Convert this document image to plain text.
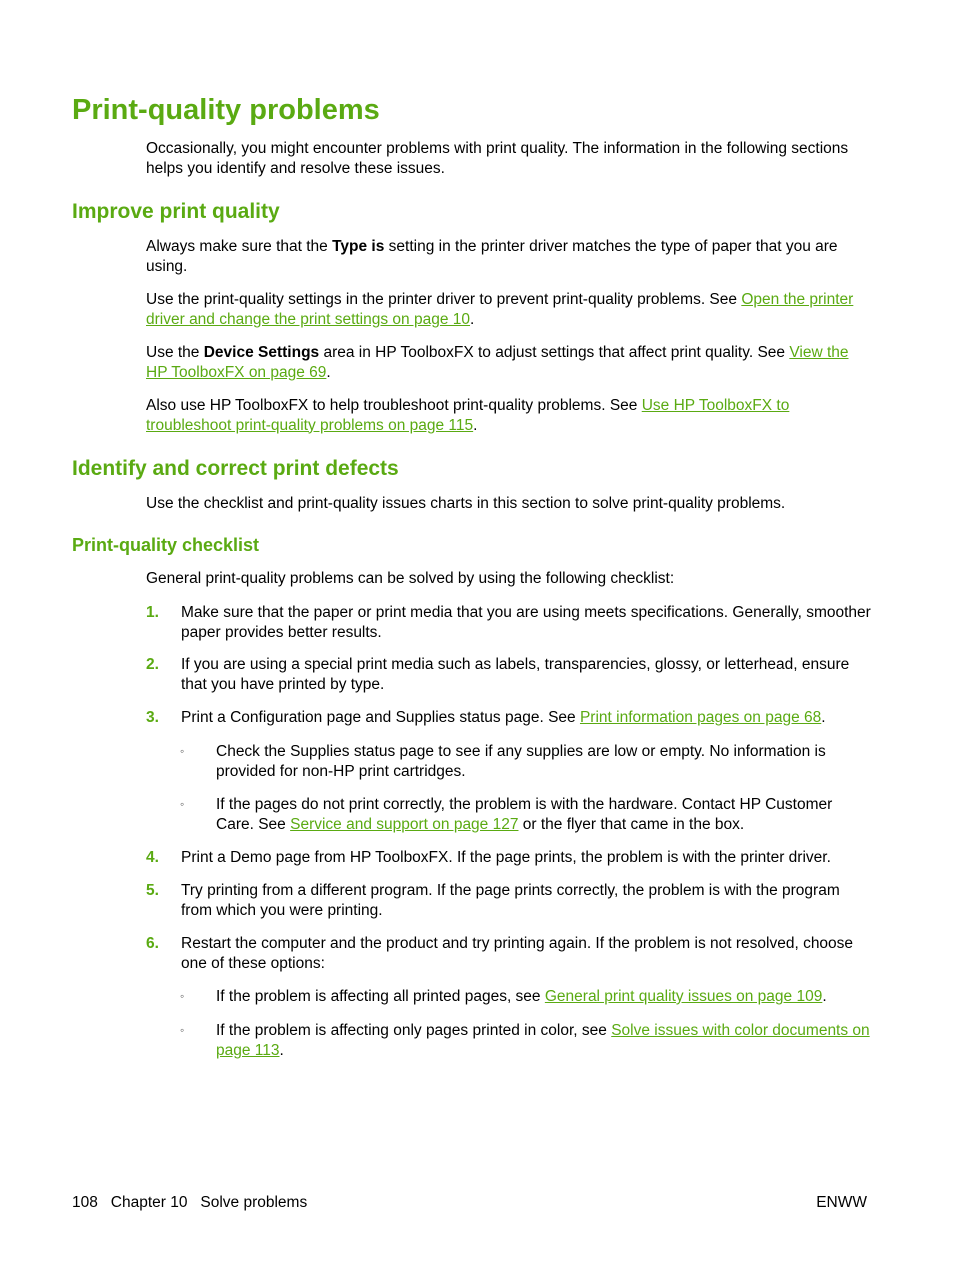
Print-quality problems

Occasionally, you might encounter problems with print quality. The information in the following sections helps you identify and resolve these issues.

Improve print quality

Always make sure that the Type is setting in the printer driver matches the type of paper that you are using.

Use the print-quality settings in the printer driver to prevent print-quality problems. See Open the printer driver and change the print settings on page 10.

Use the Device Settings area in HP ToolboxFX to adjust settings that affect print quality. See View the HP ToolboxFX on page 69.

Also use HP ToolboxFX to help troubleshoot print-quality problems. See Use HP ToolboxFX to troubleshoot print-quality problems on page 115.

Identify and correct print defects

Use the checklist and print-quality issues charts in this section to solve print-quality problems.

Print-quality checklist

General print-quality problems can be solved by using the following checklist:

1. Make sure that the paper or print media that you are using meets specifications. Generally, smoother paper provides better results.
2. If you are using a special print media such as labels, transparencies, glossy, or letterhead, ensure that you have printed by type.
3. Print a Configuration page and Supplies status page. See Print information pages on page 68.
◦ Check the Supplies status page to see if any supplies are low or empty. No information is provided for non-HP print cartridges.
◦ If the pages do not print correctly, the problem is with the hardware. Contact HP Customer Care. See Service and support on page 127 or the flyer that came in the box.
4. Print a Demo page from HP ToolboxFX. If the page prints, the problem is with the printer driver.
5. Try printing from a different program. If the page prints correctly, the problem is with the program from which you were printing.
6. Restart the computer and the product and try printing again. If the problem is not resolved, choose one of these options:
◦ If the problem is affecting all printed pages, see General print quality issues on page 109.
◦ If the problem is affecting only pages printed in color, see Solve issues with color documents on page 113.
108   Chapter 10   Solve problems	ENWW
